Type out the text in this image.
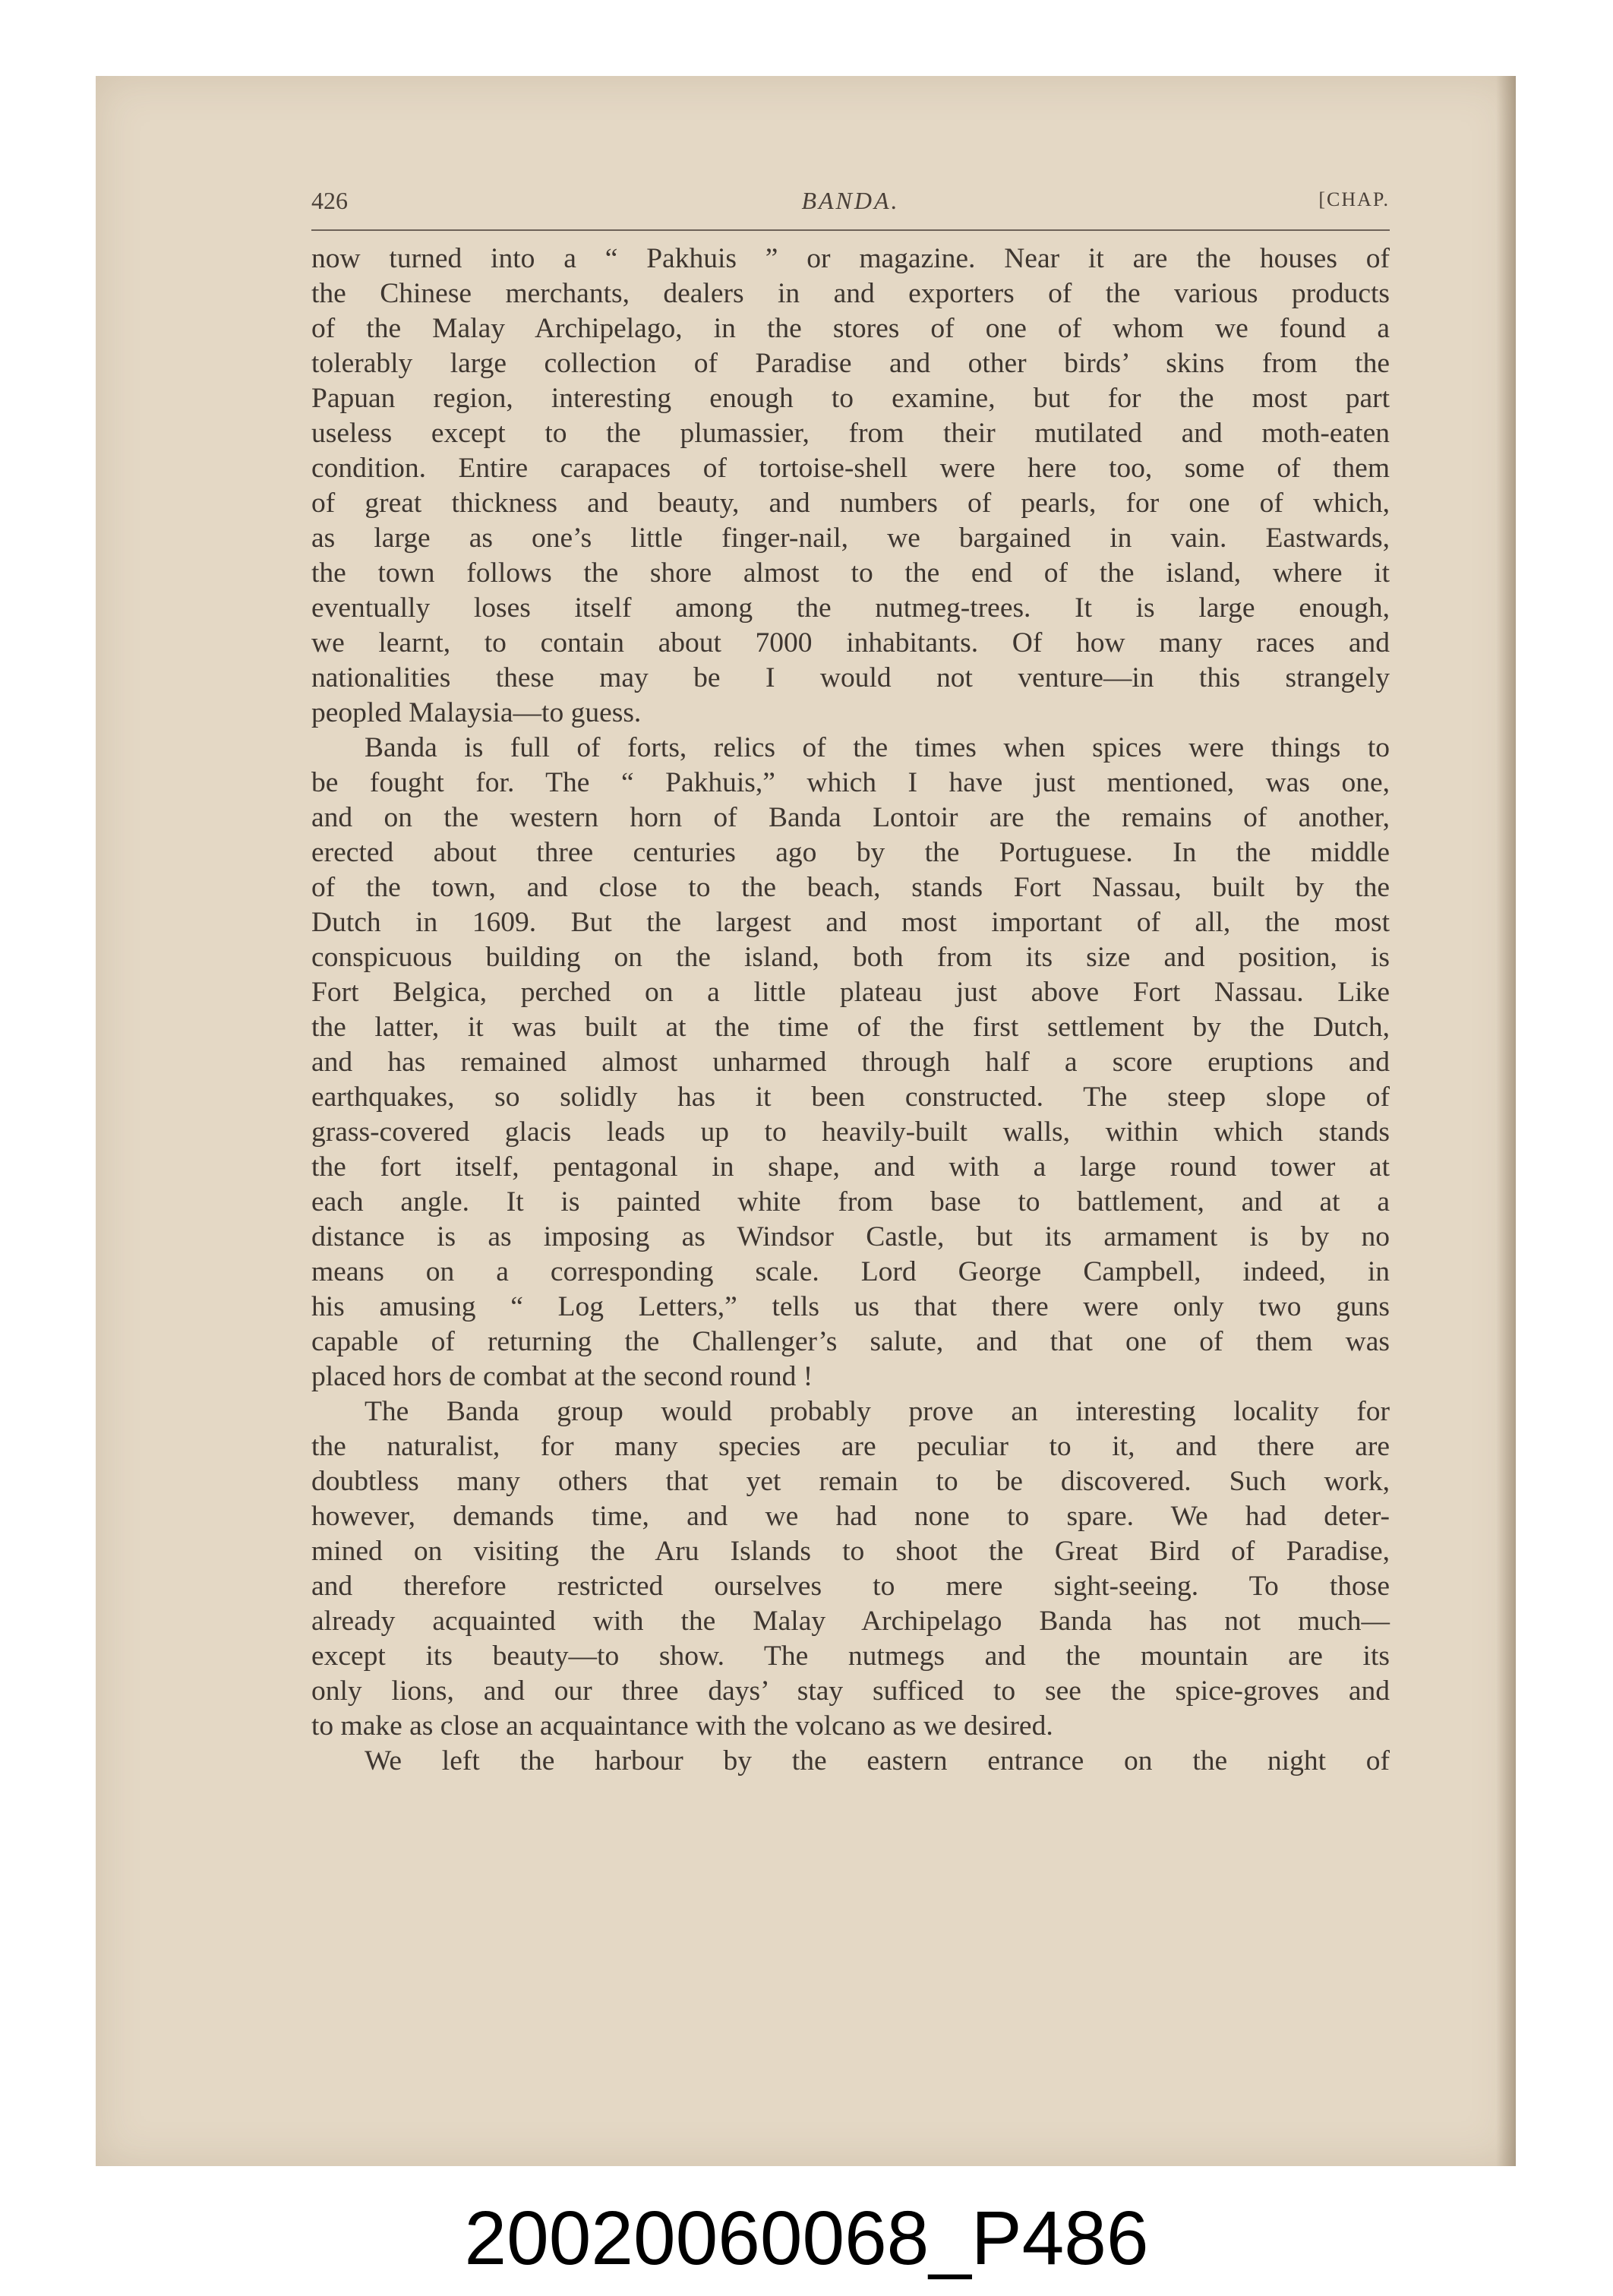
426	BANDA.	[CHAP.
now turned into a “ Pakhuis ” or magazine. Near it are the houses of
the Chinese merchants, dealers in and exporters of the various products
of the Malay Archipelago, in the stores of one of whom we found a
tolerably large collection of Paradise and other birds’ skins from the
Papuan region, interesting enough to examine, but for the most part
useless except to the plumassier, from their mutilated and moth-eaten
condition. Entire carapaces of tortoise-shell were here too, some of them
of great thickness and beauty, and numbers of pearls, for one of which,
as large as one’s little finger-nail, we bargained in vain. Eastwards,
the town follows the shore almost to the end of the island, where it
eventually loses itself among the nutmeg-trees. It is large enough,
we learnt, to contain about 7000 inhabitants. Of how many races and
nationalities these may be I would not venture—in this strangely
peopled Malaysia—to guess.
Banda is full of forts, relics of the times when spices were things to
be fought for. The “ Pakhuis,” which I have just mentioned, was one,
and on the western horn of Banda Lontoir are the remains of another,
erected about three centuries ago by the Portuguese. In the middle
of the town, and close to the beach, stands Fort Nassau, built by the
Dutch in 1609. But the largest and most important of all, the most
conspicuous building on the island, both from its size and position, is
Fort Belgica, perched on a little plateau just above Fort Nassau. Like
the latter, it was built at the time of the first settlement by the Dutch,
and has remained almost unharmed through half a score eruptions and
earthquakes, so solidly has it been constructed. The steep slope of
grass-covered glacis leads up to heavily-built walls, within which stands
the fort itself, pentagonal in shape, and with a large round tower at
each angle. It is painted white from base to battlement, and at a
distance is as imposing as Windsor Castle, but its armament is by no
means on a corresponding scale. Lord George Campbell, indeed, in
his amusing “ Log Letters,” tells us that there were only two guns
capable of returning the Challenger’s salute, and that one of them was
placed hors de combat at the second round !
The Banda group would probably prove an interesting locality for
the naturalist, for many species are peculiar to it, and there are
doubtless many others that yet remain to be discovered. Such work,
however, demands time, and we had none to spare. We had deter-
mined on visiting the Aru Islands to shoot the Great Bird of Paradise,
and therefore restricted ourselves to mere sight-seeing. To those
already acquainted with the Malay Archipelago Banda has not much—
except its beauty—to show. The nutmegs and the mountain are its
only lions, and our three days’ stay sufficed to see the spice-groves and
to make as close an acquaintance with the volcano as we desired.
We left the harbour by the eastern entrance on the night of
20020060068_P486
